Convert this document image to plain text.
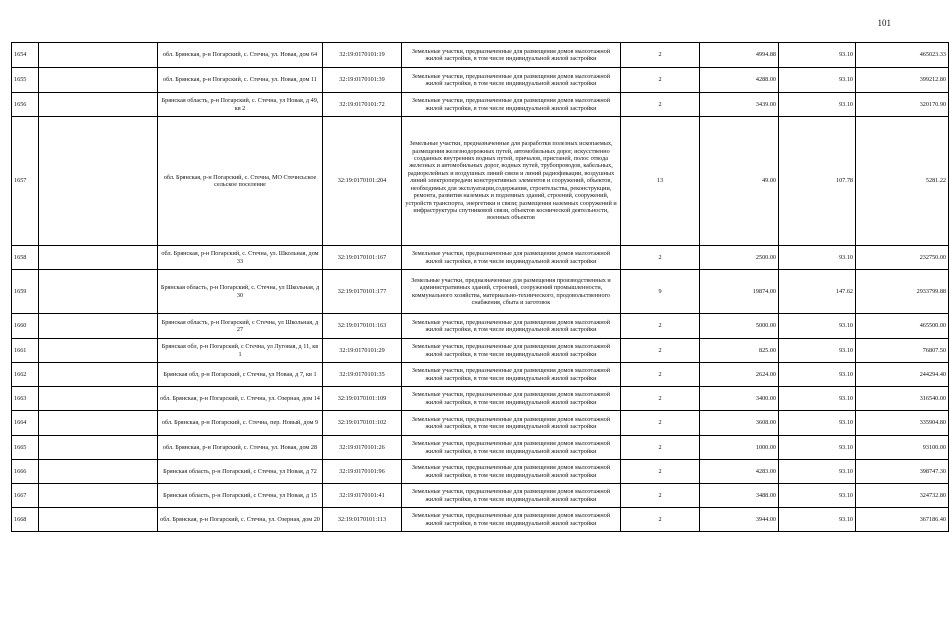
101
1654		обл. Брянская, р-н Погарский, с. Стечна, ул. Новая, дом 64	32:19:0170101:19	Земельные участки, предназначенные для размещения домов малоэтажной жилой застройки, в том числе индивидуальной жилой застройки	2	4994.88	93.10	465023.33
1655		обл. Брянская, р-н Погарский, с. Стечна, ул. Новая, дом 11	32:19:0170101:39	Земельные участки, предназначенные для размещения домов малоэтажной жилой застройки, в том числе индивидуальной жилой застройки	2	4288.00	93.10	399212.80
1656		Брянская область, р-н Погарский, с. Стечна, ул Новая, д 49, кв 2	32:19:0170101:72	Земельные участки, предназначенные для размещения домов малоэтажной жилой застройки, в том числе индивидуальной жилой застройки	2	3439.00	93.10	320170.90
1657		обл. Брянская, р-н Погарский, с. Стечна, МО Стечнсьское сельское поселение	32:19:0170101:204	Земельные участки, предназначенные для разработки полезных ископаемых, размещения железнодорожных путей, автомобильных дорог, искусственно созданных внутренних водных путей, причалов, пристаней, полос отвода железных и автомобильных дорог, водных путей, трубопроводов, кабельных, радиорелейных и воздушных линий связи и линий радиофикации, воздушных линий электропередачи конструктивных элементов и сооружений, объектов, необходимых для эксплуатации,содержания, строительства, реконструкции, ремонта, развития наземных и подземных зданий, строений, сооружений, устройств транспорта, энергетики и связи; размещения наземных сооружений и инфраструктуры спутниковой связи, объектов космической деятельности, военных объектов	13	49.00	107.78	5281.22
1658		обл. Брянская, р-н Погарский, с. Стечна, ул. Школьная, дом 33	32:19:0170101:167	Земельные участки, предназначенные для размещения домов малоэтажной жилой застройки, в том числе индивидуальной жилой застройки	2	2500.00	93.10	232750.00
1659		Брянская область, р-н Погарский, с. Стечна, ул Школьная, д 30	32:19:0170101:177	Земельные участки, предназначенные для размещения производственных и административных зданий, строений, сооружений промышленности, коммунального хозяйства, материально-технического, продовольственного снабжения, сбыта и заготовок	9	19874.00	147.62	2933799.88
1660		Брянская область, р-н Погарский, с Стечна, ул Школьная, д 27	32:19:0170101:163	Земельные участки, предназначенные для размещения домов малоэтажной жилой застройки, в том числе индивидуальной жилой застройки	2	5000.00	93.10	465500.00
1661		Брянская обл, р-н Погарский, с Стечна, ул Луговая, д 11, кв 1	32:19:0170101:29	Земельные участки, предназначенные для размещения домов малоэтажной жилой застройки, в том числе индивидуальной жилой застройки	2	825.00	93.10	76807.50
1662		Брянская обл, р-н Погарский, с Стечна, ул Новая, д 7, кв 1	32:19:0170101:35	Земельные участки, предназначенные для размещения домов малоэтажной жилой застройки, в том числе индивидуальной жилой застройки	2	2624.00	93.10	244294.40
1663		обл. Брянская, р-н Погарский, с. Стечна, ул. Озерная, дом 14	32:19:0170101:109	Земельные участки, предназначенные для размещения домов малоэтажной жилой застройки, в том числе индивидуальной жилой застройки	2	3400.00	93.10	316540.00
1664		обл. Брянская, р-н Погарский, с. Стечна, пер. Новый, дом 9	32:19:0170101:102	Земельные участки, предназначенные для размещения домов малоэтажной жилой застройки, в том числе индивидуальной жилой застройки	2	3608.00	93.10	335904.80
1665		обл. Брянская, р-н Погарский, с. Стечна, ул. Новая, дом 28	32:19:0170101:26	Земельные участки, предназначенные для размещения домов малоэтажной жилой застройки, в том числе индивидуальной жилой застройки	2	1000.00	93.10	93100.00
1666		Брянская область, р-н Погарский, с Стечна, ул Новая, д 72	32:19:0170101:96	Земельные участки, предназначенные для размещения домов малоэтажной жилой застройки, в том числе индивидуальной жилой застройки	2	4283.00	93.10	398747.30
1667		Брянская область, р-н Погарский, с Стечна, ул Новая, д 15	32:19:0170101:41	Земельные участки, предназначенные для размещения домов малоэтажной жилой застройки, в том числе индивидуальной жилой застройки	2	3488.00	93.10	324732.80
1668		обл. Брянская, р-н Погарский, с. Стечна, ул. Озерная, дом 20	32:19:0170101:113	Земельные участки, предназначенные для размещения домов малоэтажной жилой застройки, в том числе индивидуальной жилой застройки	2	3944.00	93.10	367186.40
